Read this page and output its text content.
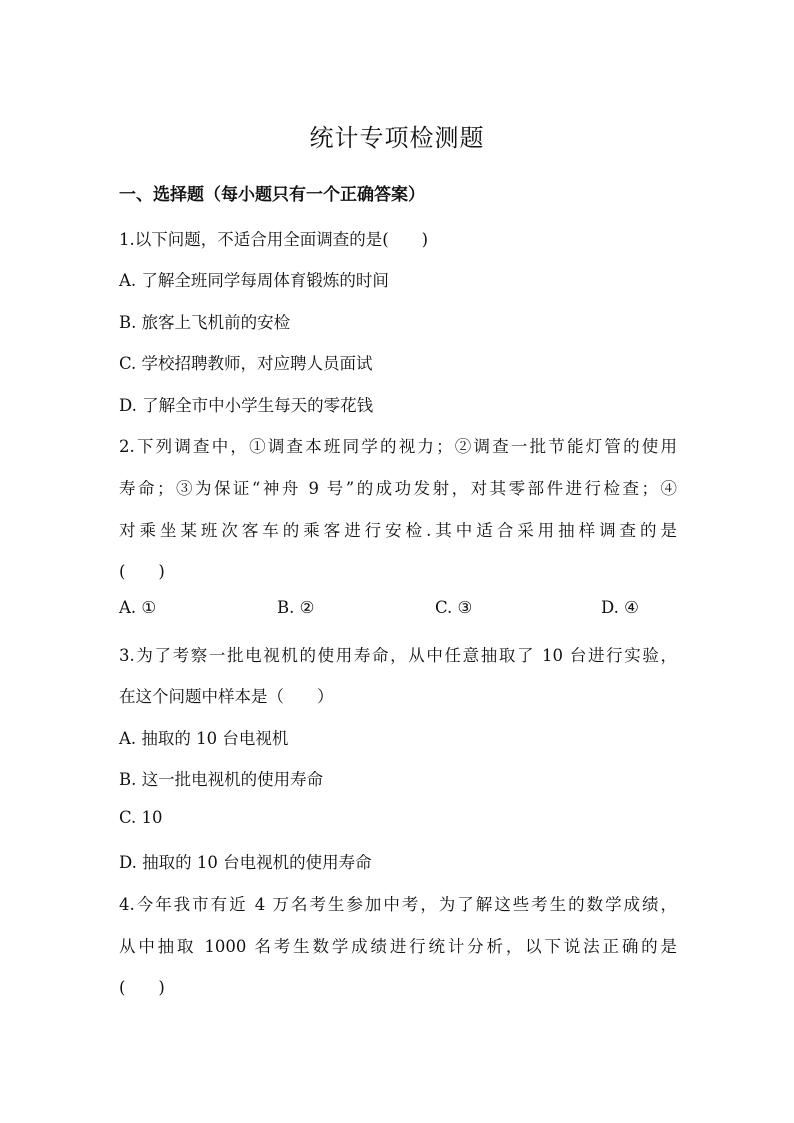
统计专项检测题
一、选择题（每小题只有一个正确答案）
1.以下问题，不适合用全面调查的是(　　)
A. 了解全班同学每周体育锻炼的时间
B. 旅客上飞机前的安检
C. 学校招聘教师，对应聘人员面试
D. 了解全市中小学生每天的零花钱
2.下列调查中，①调查本班同学的视力；②调查一批节能灯管的使用
寿命；③为保证“神舟 9 号”的成功发射，对其零部件进行检查；④
对乘坐某班次客车的乘客进行安检.其中适合采用抽样调查的是
(　　)
A. ①	B. ②	C. ③	D. ④
3.为了考察一批电视机的使用寿命，从中任意抽取了 10 台进行实验，
在这个问题中样本是（　　）
A. 抽取的 10 台电视机
B. 这一批电视机的使用寿命
C. 10
D. 抽取的 10 台电视机的使用寿命
4.今年我市有近 4 万名考生参加中考，为了解这些考生的数学成绩，
从中抽取 1000 名考生数学成绩进行统计分析，以下说法正确的是
(　　)
